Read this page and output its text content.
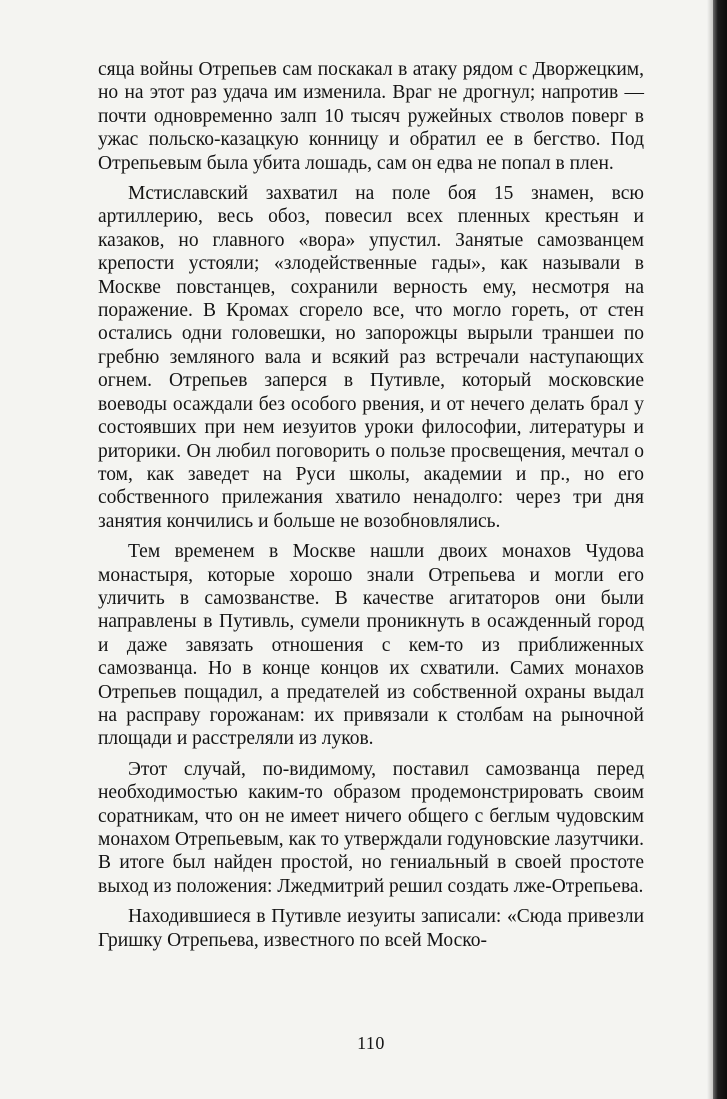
сяца войны Отрепьев сам поскакал в атаку рядом с Дворжецким, но на этот раз удача им изменила. Враг не дрогнул; напротив — почти одновременно залп 10 тысяч ружейных стволов поверг в ужас польско-казацкую конницу и обратил ее в бегство. Под Отрепьевым была убита лошадь, сам он едва не попал в плен.

Мстиславский захватил на поле боя 15 знамен, всю артиллерию, весь обоз, повесил всех пленных крестьян и казаков, но главного «вора» упустил. Занятые самозванцем крепости устояли; «злодейственные гады», как называли в Москве повстанцев, сохранили верность ему, несмотря на поражение. В Кромах сгорело все, что могло гореть, от стен остались одни головешки, но запорожцы вырыли траншеи по гребню земляного вала и всякий раз встречали наступающих огнем. Отрепьев заперся в Путивле, который московские воеводы осаждали без особого рвения, и от нечего делать брал у состоявших при нем иезуитов уроки философии, литературы и риторики. Он любил поговорить о пользе просвещения, мечтал о том, как заведет на Руси школы, академии и пр., но его собственного прилежания хватило ненадолго: через три дня занятия кончились и больше не возобновлялись.

Тем временем в Москве нашли двоих монахов Чудова монастыря, которые хорошо знали Отрепьева и могли его уличить в самозванстве. В качестве агитаторов они были направлены в Путивль, сумели проникнуть в осажденный город и даже завязать отношения с кем-то из приближенных самозванца. Но в конце концов их схватили. Самих монахов Отрепьев пощадил, а предателей из собственной охраны выдал на расправу горожанам: их привязали к столбам на рыночной площади и расстреляли из луков.

Этот случай, по-видимому, поставил самозванца перед необходимостью каким-то образом продемонстрировать своим соратникам, что он не имеет ничего общего с беглым чудовским монахом Отрепьевым, как то утверждали годуновские лазутчики. В итоге был найден простой, но гениальный в своей простоте выход из положения: Лжедмитрий решил создать лже-Отрепьева.

Находившиеся в Путивле иезуиты записали: «Сюда привезли Гришку Отрепьева, известного по всей Моско-

110
